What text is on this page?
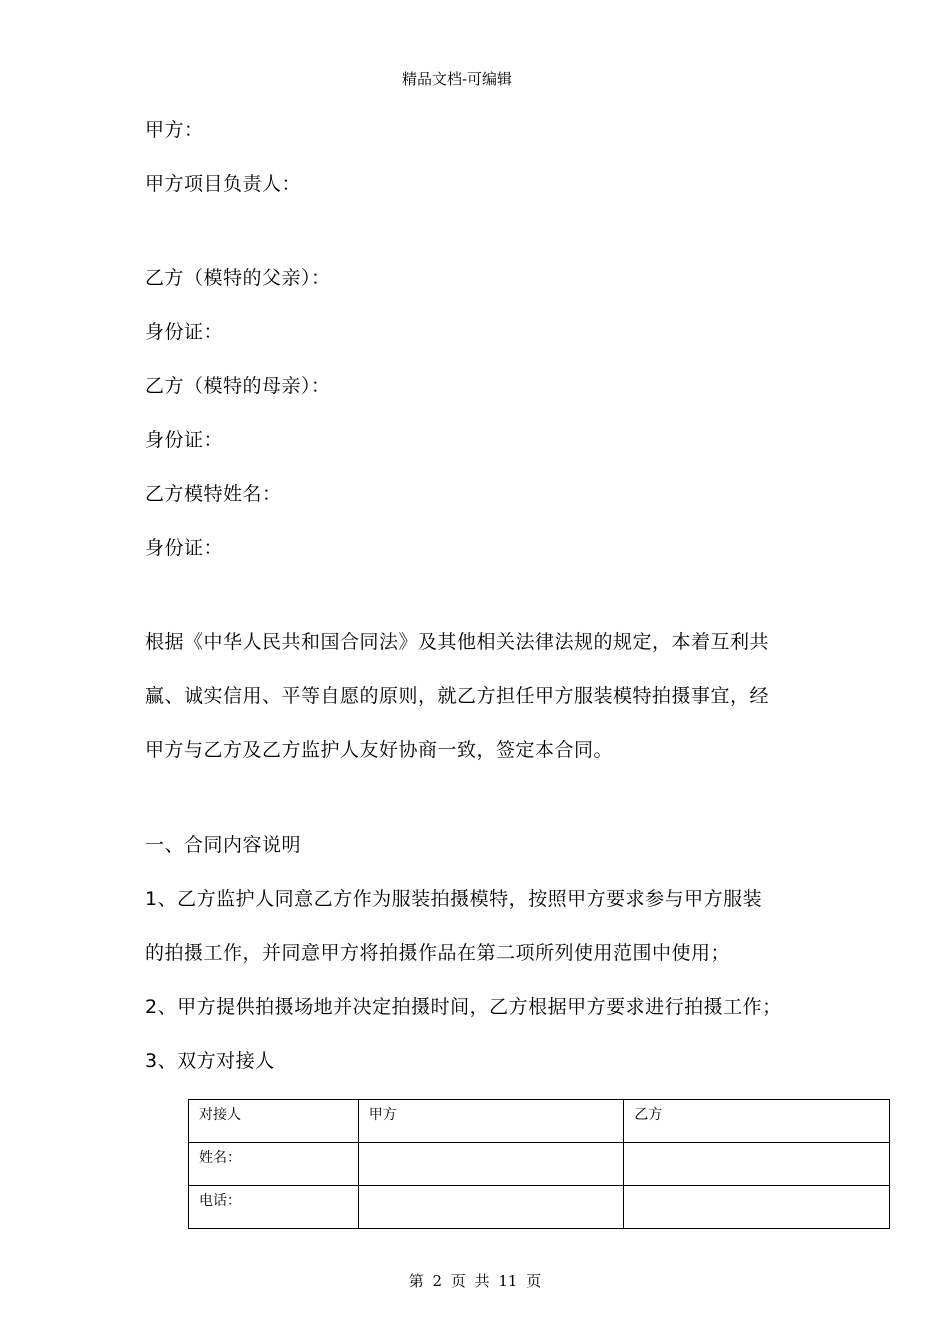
精品文档-可编辑
甲方：
甲方项目负责人：
乙方（模特的父亲）：
身份证：
乙方（模特的母亲）：
身份证：
乙方模特姓名：
身份证：
根据《中华人民共和国合同法》及其他相关法律法规的规定，本着互利共
赢、诚实信用、平等自愿的原则，就乙方担任甲方服装模特拍摄事宜，经
甲方与乙方及乙方监护人友好协商一致，签定本合同。
一、合同内容说明
1、乙方监护人同意乙方作为服装拍摄模特，按照甲方要求参与甲方服装
的拍摄工作，并同意甲方将拍摄作品在第二项所列使用范围中使用；
2、甲方提供拍摄场地并决定拍摄时间，乙方根据甲方要求进行拍摄工作；
3、双方对接人
对接人	甲方	乙方
姓名：		
电话：		
第 2 页 共 11 页
